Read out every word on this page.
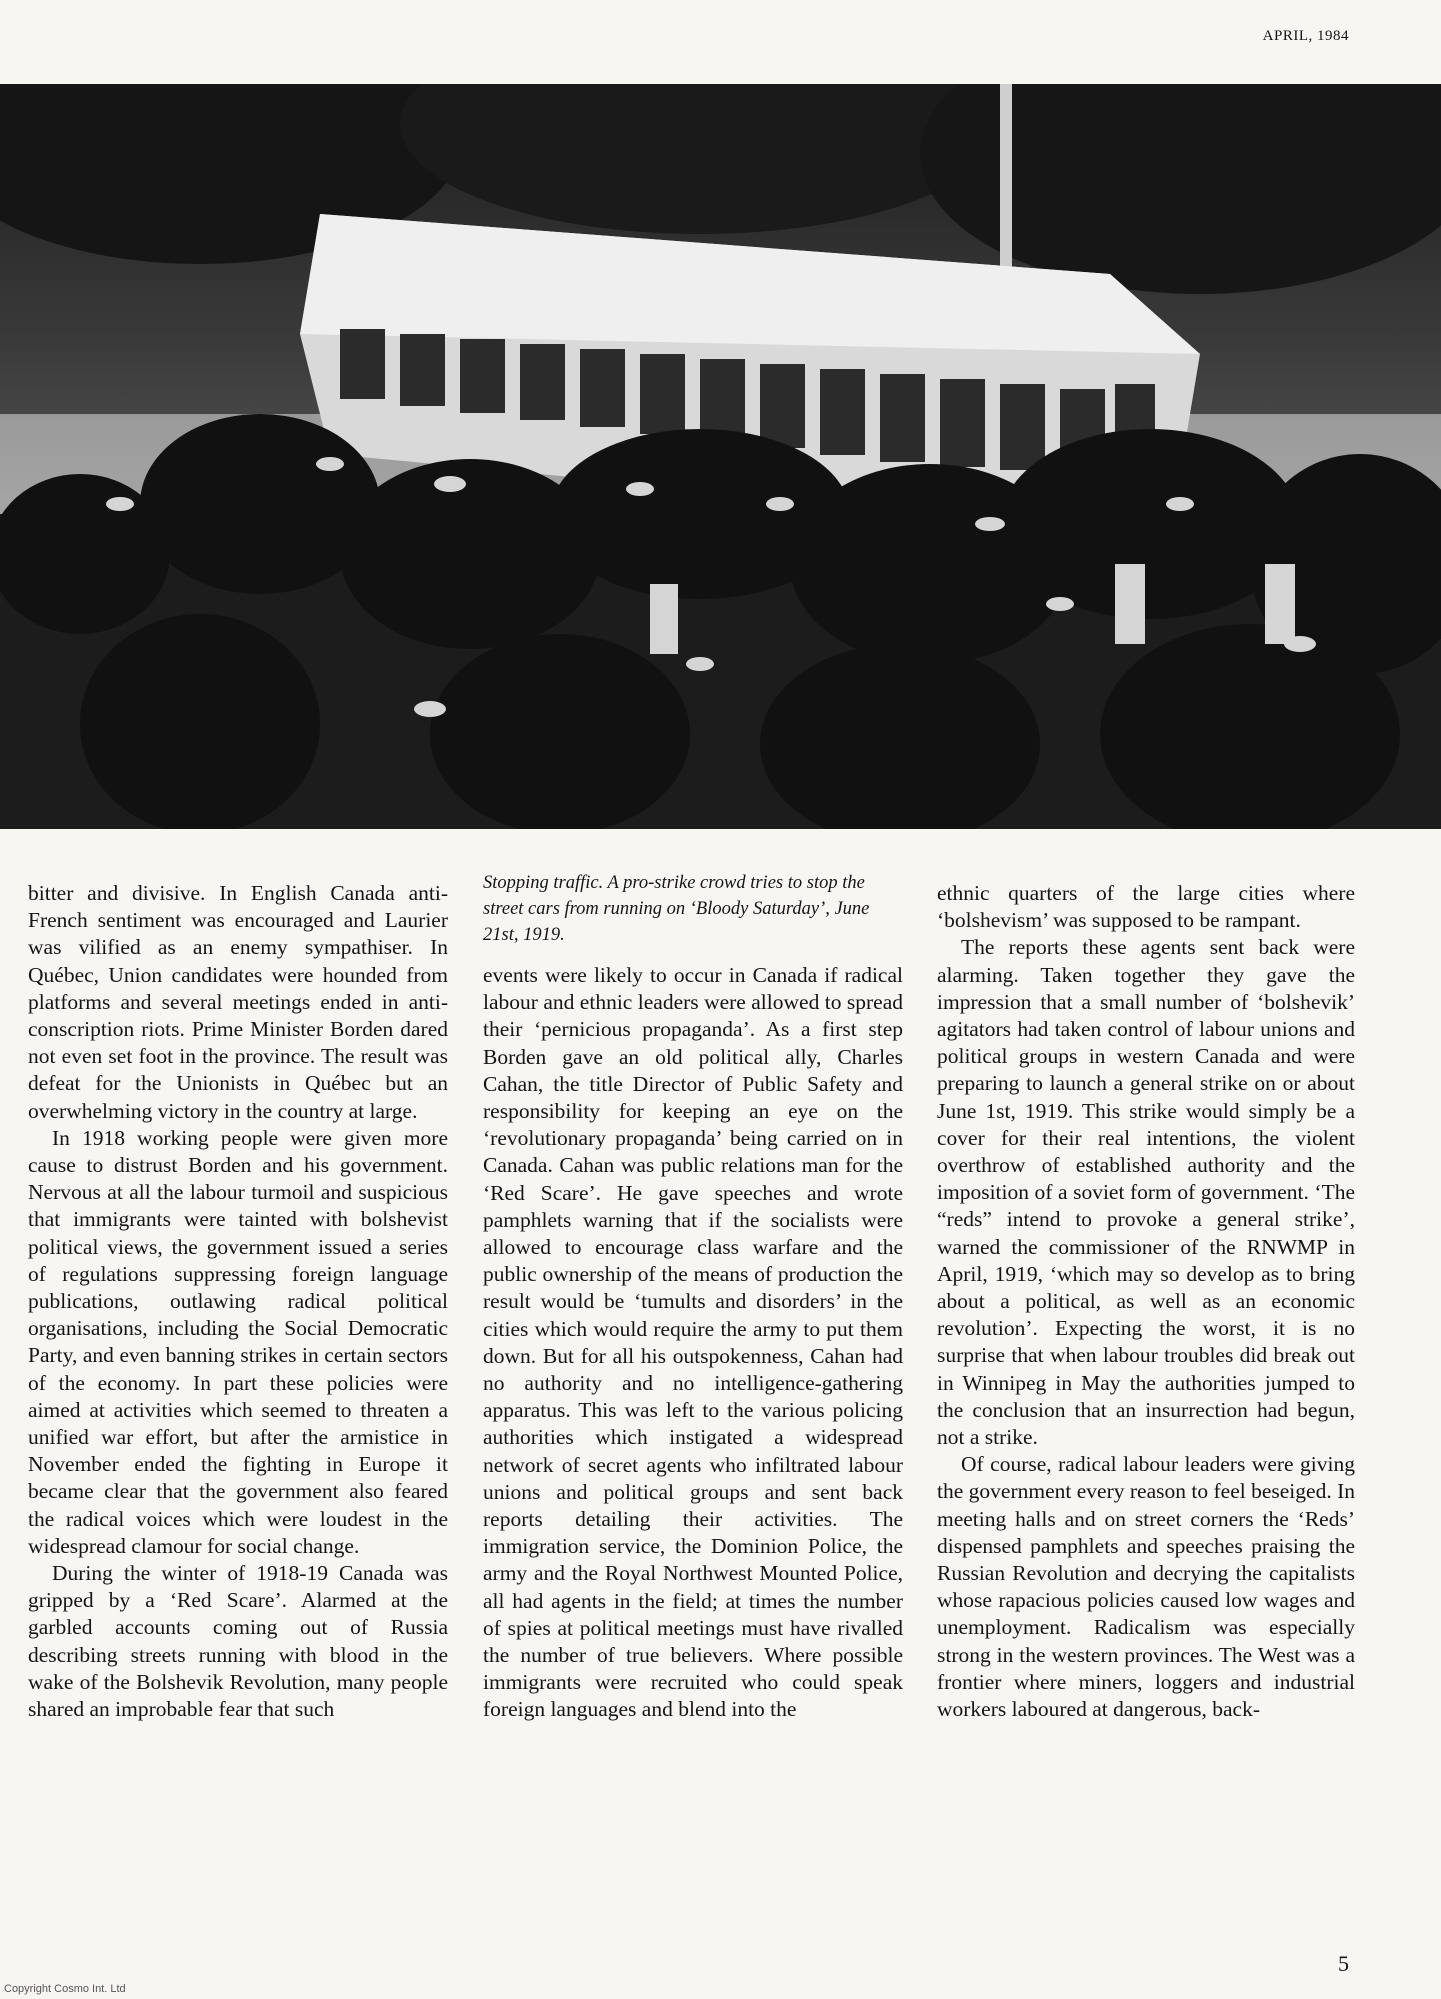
APRIL, 1984
Stopping traffic. A pro-strike crowd tries to stop the street cars from running on ‘Bloody Saturday’, June 21st, 1919.

bitter and divisive. In English Canada anti-French sentiment was encouraged and Laurier was vilified as an enemy sympathiser. In Québec, Union candidates were hounded from platforms and several meetings ended in anti-conscription riots. Prime Minister Borden dared not even set foot in the province. The result was defeat for the Unionists in Québec but an overwhelming victory in the country at large.

In 1918 working people were given more cause to distrust Borden and his government. Nervous at all the labour turmoil and suspicious that immigrants were tainted with bolshevist political views, the government issued a series of regulations suppressing foreign language publications, outlawing radical political organisations, including the Social Democratic Party, and even banning strikes in certain sectors of the economy. In part these policies were aimed at activities which seemed to threaten a unified war effort, but after the armistice in November ended the fighting in Europe it became clear that the government also feared the radical voices which were loudest in the widespread clamour for social change.

During the winter of 1918-19 Canada was gripped by a ‘Red Scare’. Alarmed at the garbled accounts coming out of Russia describing streets running with blood in the wake of the Bolshevik Revolution, many people shared an improbable fear that such

events were likely to occur in Canada if radical labour and ethnic leaders were allowed to spread their ‘pernicious propaganda’. As a first step Borden gave an old political ally, Charles Cahan, the title Director of Public Safety and responsibility for keeping an eye on the ‘revolutionary propaganda’ being carried on in Canada. Cahan was public relations man for the ‘Red Scare’. He gave speeches and wrote pamphlets warning that if the socialists were allowed to encourage class warfare and the public ownership of the means of production the result would be ‘tumults and disorders’ in the cities which would require the army to put them down. But for all his outspokenness, Cahan had no authority and no intelligence-gathering apparatus. This was left to the various policing authorities which instigated a widespread network of secret agents who infiltrated labour unions and political groups and sent back reports detailing their activities. The immigration service, the Dominion Police, the army and the Royal Northwest Mounted Police, all had agents in the field; at times the number of spies at political meetings must have rivalled the number of true believers. Where possible immigrants were recruited who could speak foreign languages and blend into the

ethnic quarters of the large cities where ‘bolshevism’ was supposed to be rampant.

The reports these agents sent back were alarming. Taken together they gave the impression that a small number of ‘bolshevik’ agitators had taken control of labour unions and political groups in western Canada and were preparing to launch a general strike on or about June 1st, 1919. This strike would simply be a cover for their real intentions, the violent overthrow of established authority and the imposition of a soviet form of government. ‘The “reds” intend to provoke a general strike’, warned the commissioner of the RNWMP in April, 1919, ‘which may so develop as to bring about a political, as well as an economic revolution’. Expecting the worst, it is no surprise that when labour troubles did break out in Winnipeg in May the authorities jumped to the conclusion that an insurrection had begun, not a strike.

Of course, radical labour leaders were giving the government every reason to feel beseiged. In meeting halls and on street corners the ‘Reds’ dispensed pamphlets and speeches praising the Russian Revolution and decrying the capitalists whose rapacious policies caused low wages and unemployment. Radicalism was especially strong in the western provinces. The West was a frontier where miners, loggers and industrial workers laboured at dangerous, back-

5
Copyright Cosmo Int. Ltd
